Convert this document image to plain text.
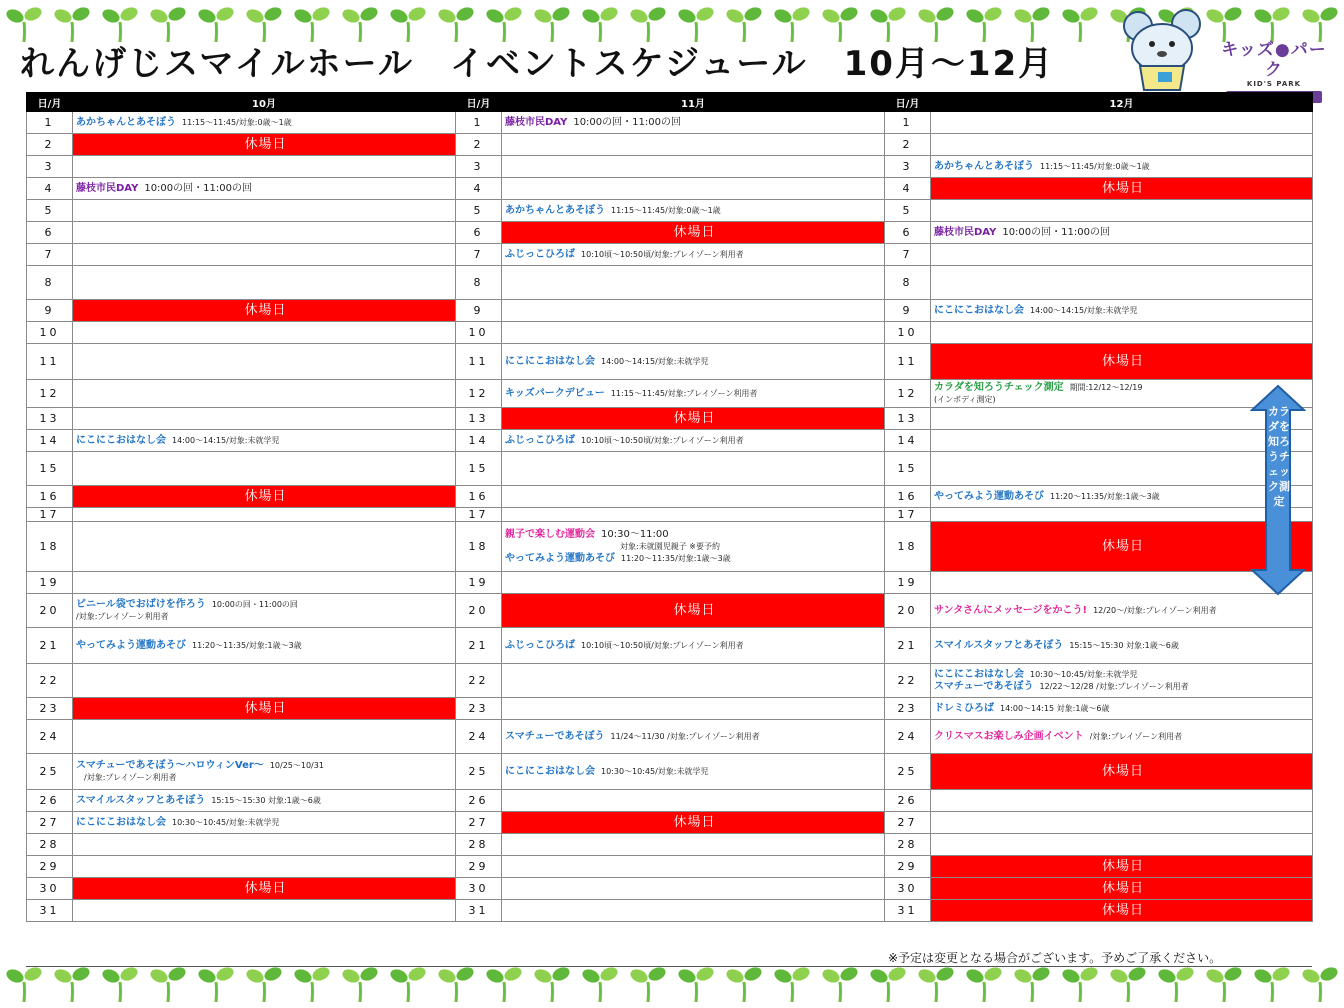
れんげじスマイルホール　イベントスケジュール　10月〜12月	キッズ●パーク
KID'S PARK
日/月	10月	日/月	11月	日/月	12月
1	あかちゃんとあそぼう 11:15〜11:45/対象:0歳〜1歳	1	藤枝市民DAY 10:00の回・11:00の回	1	
2	休場日	2		2	
3		3		3	あかちゃんとあそぼう 11:15〜11:45/対象:0歳〜1歳

4	藤枝市民DAY 10:00の回・11:00の回	4		4	休場日
5		5	あかちゃんとあそぼう 11:15〜11:45/対象:0歳〜1歳	5	
6		6	休場日	6	藤枝市民DAY 10:00の回・11:00の回

7		7	ふじっこひろば 10:10頃〜10:50頃/対象:プレイゾーン利用者	7	
8		8		8	
9	休場日	9		9	にこにこおはなし会 14:00〜14:15/対象:未就学児

10		10		10	
11		11	にこにこおはなし会 14:00〜14:15/対象:未就学児	11	休場日
12		12	キッズパークデビュー 11:15〜11:45/対象:プレイゾーン利用者	12	カラダを知ろうチェック測定 期間:12/12〜12/19
(インボディ測定)

13		13	休場日	13	
14	にこにこおはなし会 14:00〜14:15/対象:未就学児	14	ふじっこひろば 10:10頃〜10:50頃/対象:プレイゾーン利用者	14	
15		15		15	
16	休場日	16		16	やってみよう運動あそび 11:20〜11:35/対象:1歳〜3歳

17		17		17	
18		18	親子で楽しむ運動会 10:30〜11:00
対象:未就園児親子 ※要予約
やってみよう運動あそび 11:20〜11:35/対象:1歳〜3歳	18	休場日
19		19		19	
20	ビニール袋でおばけを作ろう 10:00の回・11:00の回
/対象:プレイゾーン利用者	20	休場日	20	サンタさんにメッセージをかこう! 12/20〜/対象:プレイゾーン利用者

21	やってみよう運動あそび 11:20〜11:35/対象:1歳〜3歳	21	ふじっこひろば 10:10頃〜10:50頃/対象:プレイゾーン利用者	21	スマイルスタッフとあそぼう 15:15〜15:30 対象:1歳〜6歳

22		22		22	にこにこおはなし会 10:30〜10:45/対象:未就学児
スマチューであそぼう 12/22〜12/28 /対象:プレイゾーン利用者

23	休場日	23		23	ドレミひろば 14:00〜14:15 対象:1歳〜6歳

24		24	スマチューであそぼう 11/24〜11/30 /対象:プレイゾーン利用者	24	クリスマスお楽しみ企画イベント /対象:プレイゾーン利用者

25	スマチューであそぼう〜ハロウィンVer〜 10/25〜10/31
/対象:プレイゾーン利用者	25	にこにこおはなし会 10:30〜10:45/対象:未就学児	25	休場日
26	スマイルスタッフとあそぼう 15:15〜15:30 対象:1歳〜6歳	26		26	
27	にこにこおはなし会 10:30〜10:45/対象:未就学児	27	休場日	27	
28		28		28	
29		29		29	休場日
30	休場日	30		30	休場日
31		31		31	休場日
カラダを知ろうチェック測定
※予定は変更となる場合がございます。予めご了承ください。
